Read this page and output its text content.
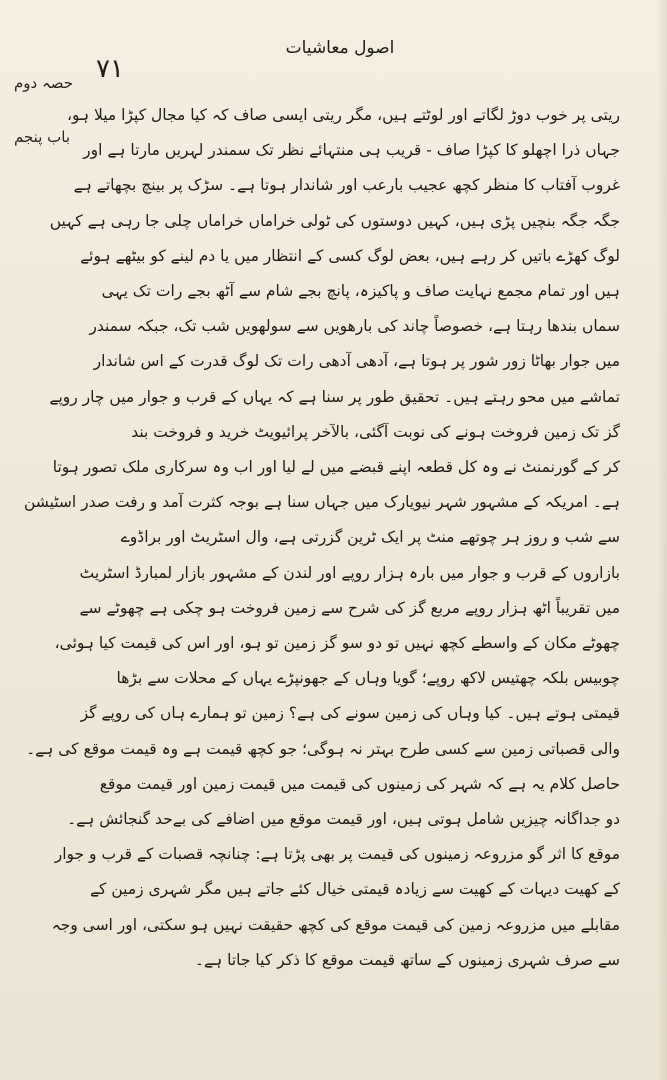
۷۱
اصول معاشیات
حصہ دوم
باب پنجم
ریتی پر خوب دوڑ لگاتے اور لوٹتے ہیں، مگر ریتی ایسی صاف کہ کیا مجال کپڑا میلا ہو،
جہاں ذرا اچھلو کا کپڑا صاف - قریب ہی منتہائے نظر تک سمندر لہریں مارتا ہے اور
غروب آفتاب کا منظر کچھ عجیب بارعب اور شاندار ہوتا ہے۔ سڑک پر بینچ بچھاتے ہے
جگہ جگہ بنچیں پڑی ہیں، کہیں دوستوں کی ٹولی خراماں خراماں چلی جا رہی ہے کہیں
لوگ کھڑے باتیں کر رہے ہیں، بعض لوگ کسی کے انتظار میں یا دم لینے کو بیٹھے ہوئے
ہیں اور تمام مجمع نہایت صاف و پاکیزہ، پانچ بجے شام سے آٹھ بجے رات تک یہی
سماں بندھا رہتا ہے، خصوصاً چاند کی بارھویں سے سولھویں شب تک، جبکہ سمندر
میں جوار بھاٹا زور شور پر ہوتا ہے، آدھی آدھی رات تک لوگ قدرت کے اس شاندار
تماشے میں محو رہتے ہیں۔ تحقیق طور پر سنا ہے کہ یہاں کے قرب و جوار میں چار روپے
گز تک زمین فروخت ہونے کی نوبت آگئی، بالآخر پرائیویٹ خرید و فروخت بند
کر کے گورنمنٹ نے وہ کل قطعہ اپنے قبضے میں لے لیا اور اب وہ سرکاری ملک تصور ہوتا
ہے۔ امریکہ کے مشہور شہر نیویارک میں جہاں سنا ہے بوجہ کثرت آمد و رفت صدر اسٹیشن
سے شب و روز ہر چوتھے منٹ پر ایک ٹرین گزرتی ہے، وال اسٹریٹ اور براڈوے
بازاروں کے قرب و جوار میں بارہ ہزار روپے اور لندن کے مشہور بازار لمبارڈ اسٹریٹ
میں تقریباً اٹھ ہزار روپے مربع گز کی شرح سے زمین فروخت ہو چکی ہے چھوٹے سے
چھوٹے مکان کے واسطے کچھ نہیں تو دو سو گز زمین تو ہو، اور اس کی قیمت کیا ہوئی،
چوبیس بلکہ چھتیس لاکھ روپے؛ گویا وہاں کے جھونپڑے یہاں کے محلات سے بڑھا
قیمتی ہوتے ہیں۔ کیا وہاں کی زمین سونے کی ہے؟ زمین تو ہمارے ہاں کی روپے گز
والی قصباتی زمین سے کسی طرح بہتر نہ ہوگی؛ جو کچھ قیمت ہے وہ قیمت موقع کی ہے۔
حاصل کلام یہ ہے کہ شہر کی زمینوں کی قیمت میں قیمت زمین اور قیمت موقع
دو جداگانہ چیزیں شامل ہوتی ہیں، اور قیمت موقع میں اضافے کی بےحد گنجائش ہے۔
موقع کا اثر گو مزروعہ زمینوں کی قیمت پر بھی پڑتا ہے: چنانچہ قصبات کے قرب و جوار
کے کھیت دیہات کے کھیت سے زیادہ قیمتی خیال کئے جاتے ہیں مگر شہری زمین کے
مقابلے میں مزروعہ زمین کی قیمت موقع کی کچھ حقیقت نہیں ہو سکتی، اور اسی وجہ
سے صرف شہری زمینوں کے ساتھ قیمت موقع کا ذکر کیا جاتا ہے۔
